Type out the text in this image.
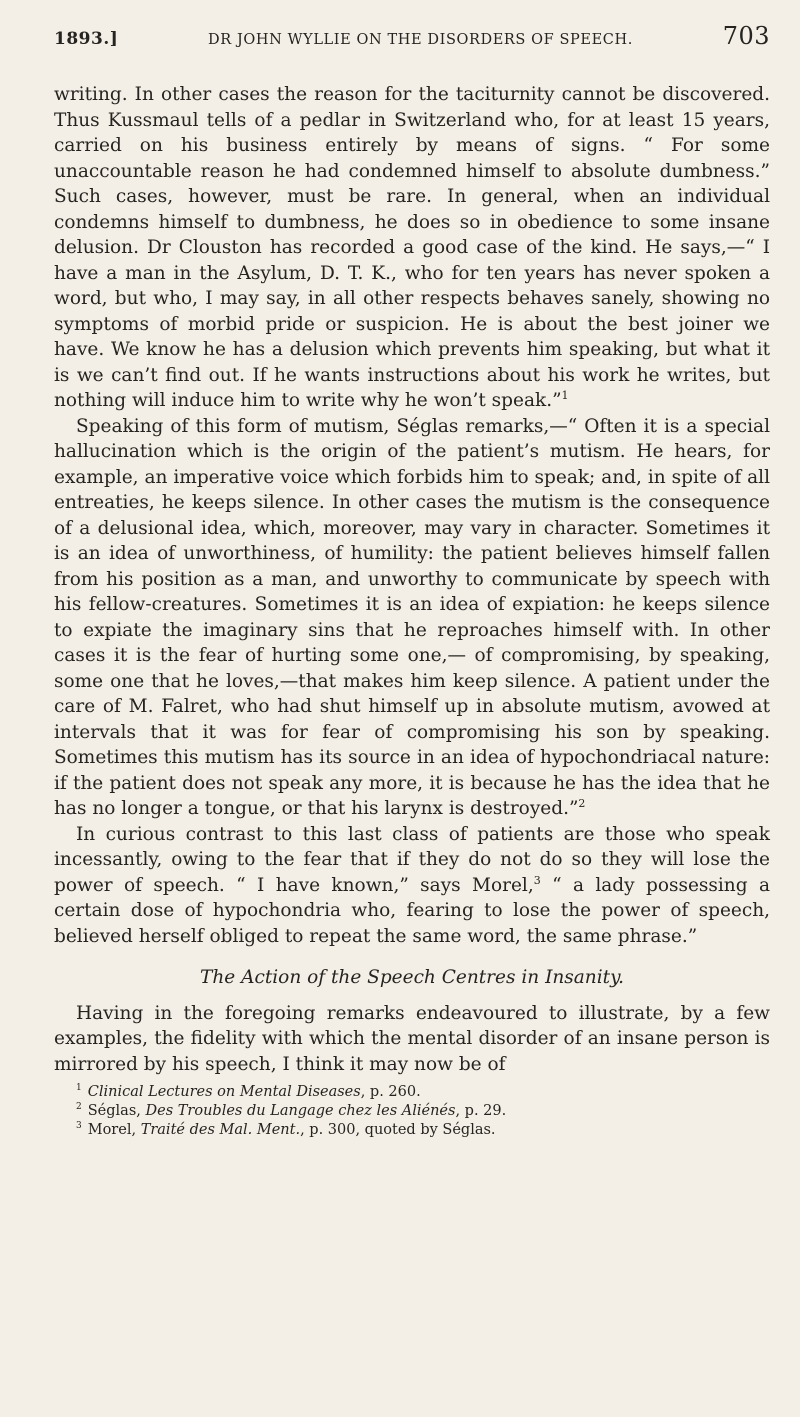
1893.]	DR JOHN WYLLIE ON THE DISORDERS OF SPEECH.	703

writing. In other cases the reason for the taciturnity cannot be discovered. Thus Kussmaul tells of a pedlar in Switzerland who, for at least 15 years, carried on his business entirely by means of signs. “ For some unaccountable reason he had condemned himself to absolute dumbness.” Such cases, however, must be rare. In general, when an individual condemns himself to dumbness, he does so in obedience to some insane delusion. Dr Clouston has recorded a good case of the kind. He says,—“ I have a man in the Asylum, D. T. K., who for ten years has never spoken a word, but who, I may say, in all other respects behaves sanely, showing no symptoms of morbid pride or suspicion. He is about the best joiner we have. We know he has a delusion which prevents him speaking, but what it is we can’t find out. If he wants instructions about his work he writes, but nothing will induce him to write why he won’t speak.”$^1$

Speaking of this form of mutism, Séglas remarks,—“ Often it is a special hallucination which is the origin of the patient’s mutism. He hears, for example, an imperative voice which forbids him to speak; and, in spite of all entreaties, he keeps silence. In other cases the mutism is the consequence of a delusional idea, which, moreover, may vary in character. Sometimes it is an idea of unworthiness, of humility: the patient believes himself fallen from his position as a man, and unworthy to communicate by speech with his fellow-creatures. Sometimes it is an idea of expiation: he keeps silence to expiate the imaginary sins that he reproaches himself with. In other cases it is the fear of hurting some one,— of compromising, by speaking, some one that he loves,—that makes him keep silence. A patient under the care of M. Falret, who had shut himself up in absolute mutism, avowed at intervals that it was for fear of compromising his son by speaking. Sometimes this mutism has its source in an idea of hypochondriacal nature: if the patient does not speak any more, it is because he has the idea that he has no longer a tongue, or that his larynx is destroyed.”$^2$

In curious contrast to this last class of patients are those who speak incessantly, owing to the fear that if they do not do so they will lose the power of speech. “ I have known,” says Morel,$^3$ “ a lady possessing a certain dose of hypochondria who, fearing to lose the power of speech, believed herself obliged to repeat the same word, the same phrase.”

The Action of the Speech Centres in Insanity.

Having in the foregoing remarks endeavoured to illustrate, by a few examples, the fidelity with which the mental disorder of an insane person is mirrored by his speech, I think it may now be of

$^1$ Clinical Lectures on Mental Diseases, p. 260.
$^2$ Séglas, Des Troubles du Langage chez les Aliénés, p. 29.
$^3$ Morel, Traité des Mal. Ment., p. 300, quoted by Séglas.
